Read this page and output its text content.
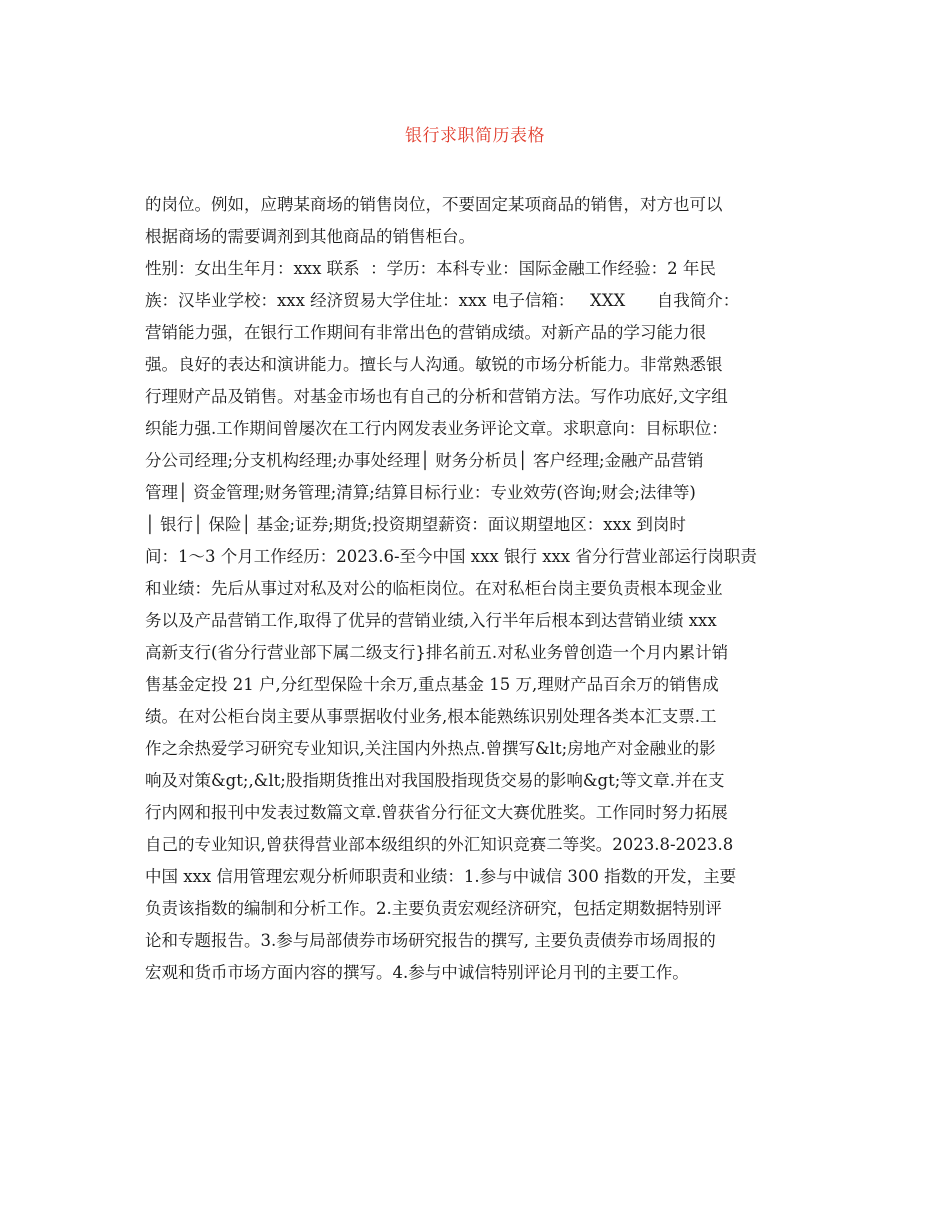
银行求职简历表格
的岗位。例如，应聘某商场的销售岗位，不要固定某项商品的销售，对方也可以
根据商场的需要调剂到其他商品的销售柜台。
性别：女出生年月：xxx 联系  ：学历：本科专业：国际金融工作经验：2 年民
族：汉毕业学校：xxx 经济贸易大学住址：xxx 电子信箱：   XXX      自我简介：
营销能力强，在银行工作期间有非常出色的营销成绩。对新产品的学习能力很
强。良好的表达和演讲能力。擅长与人沟通。敏锐的市场分析能力。非常熟悉银
行理财产品及销售。对基金市场也有自己的分析和营销方法。写作功底好,文字组
织能力强.工作期间曾屡次在工行内网发表业务评论文章。求职意向：目标职位：
分公司经理;分支机构经理;办事处经理│ 财务分析员│ 客户经理;金融产品营销
管理│ 资金管理;财务管理;清算;结算目标行业：专业效劳(咨询;财会;法律等)
│ 银行│ 保险│ 基金;证券;期货;投资期望薪资：面议期望地区：xxx 到岗时
间：1～3 个月工作经历：2023.6-至今中国 xxx 银行 xxx 省分行营业部运行岗职责
和业绩：先后从事过对私及对公的临柜岗位。在对私柜台岗主要负责根本现金业
务以及产品营销工作,取得了优异的营销业绩,入行半年后根本到达营销业绩 xxx
高新支行(省分行营业部下属二级支行}排名前五.对私业务曾创造一个月内累计销
售基金定投 21 户,分红型保险十余万,重点基金 15 万,理财产品百余万的销售成
绩。在对公柜台岗主要从事票据收付业务,根本能熟练识别处理各类本汇支票.工
作之余热爱学习研究专业知识,关注国内外热点.曾撰写&lt;房地产对金融业的影
响及对策&gt;,&lt;股指期货推出对我国股指现货交易的影响&gt;等文章.并在支
行内网和报刊中发表过数篇文章.曾获省分行征文大赛优胜奖。工作同时努力拓展
自己的专业知识,曾获得营业部本级组织的外汇知识竞赛二等奖。2023.8-2023.8
中国 xxx 信用管理宏观分析师职责和业绩：1.参与中诚信 300 指数的开发，主要
负责该指数的编制和分析工作。2.主要负责宏观经济研究，包括定期数据特别评
论和专题报告。3.参与局部债券市场研究报告的撰写, 主要负责债券市场周报的
宏观和货币市场方面内容的撰写。4.参与中诚信特别评论月刊的主要工作。
